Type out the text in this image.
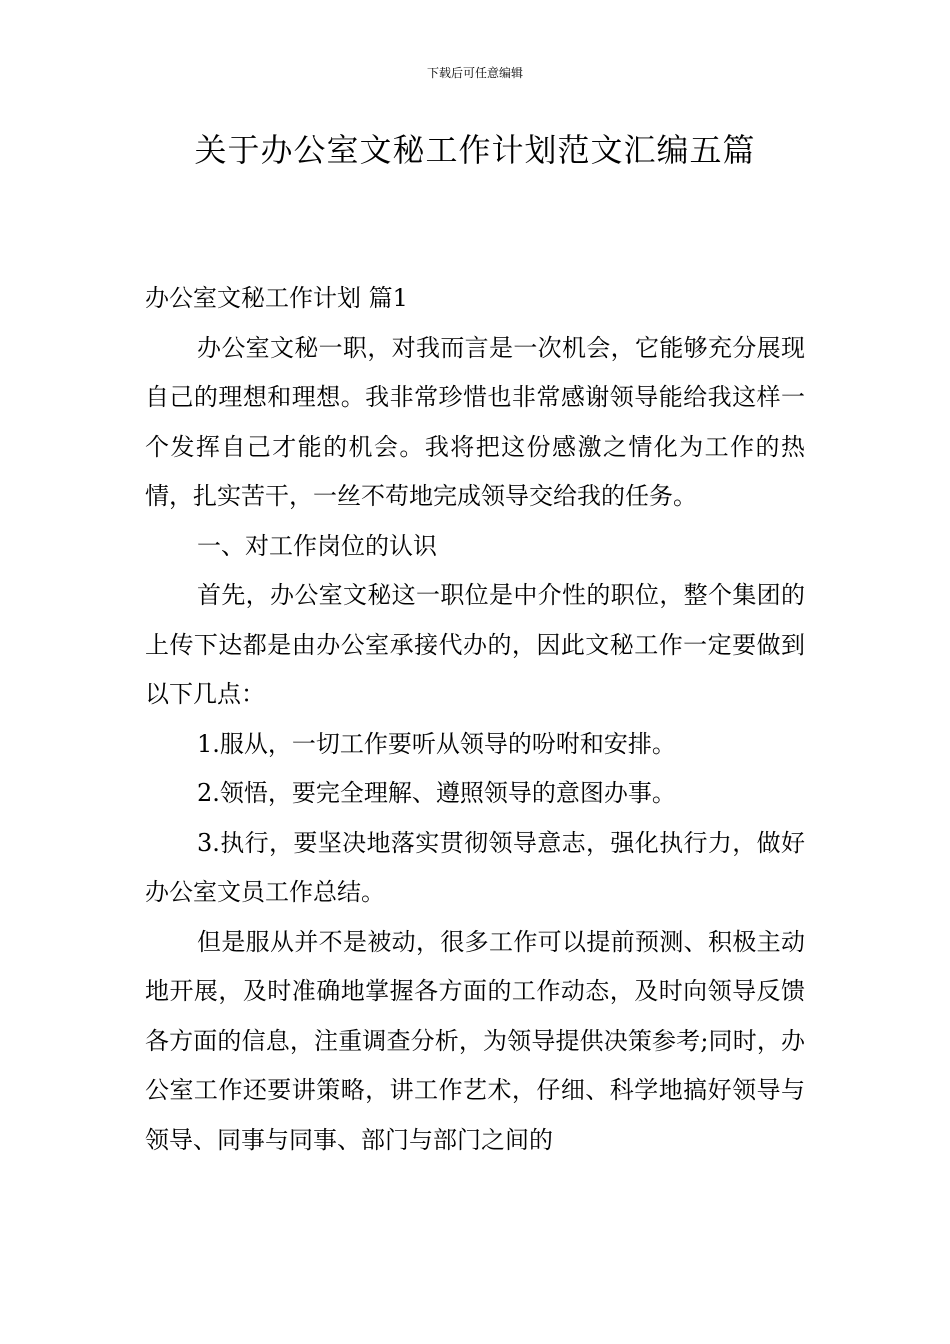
下载后可任意编辑
关于办公室文秘工作计划范文汇编五篇

办公室文秘工作计划 篇1

办公室文秘一职，对我而言是一次机会，它能够充分展现自己的理想和理想。我非常珍惜也非常感谢领导能给我这样一个发挥自己才能的机会。我将把这份感激之情化为工作的热情，扎实苦干，一丝不苟地完成领导交给我的任务。

一、对工作岗位的认识

首先，办公室文秘这一职位是中介性的职位，整个集团的上传下达都是由办公室承接代办的，因此文秘工作一定要做到以下几点：

1.服从，一切工作要听从领导的吩咐和安排。

2.领悟，要完全理解、遵照领导的意图办事。

3.执行，要坚决地落实贯彻领导意志，强化执行力，做好办公室文员工作总结。

但是服从并不是被动，很多工作可以提前预测、积极主动地开展，及时准确地掌握各方面的工作动态，及时向领导反馈各方面的信息，注重调查分析，为领导提供决策参考;同时，办公室工作还要讲策略，讲工作艺术，仔细、科学地搞好领导与领导、同事与同事、部门与部门之间的
